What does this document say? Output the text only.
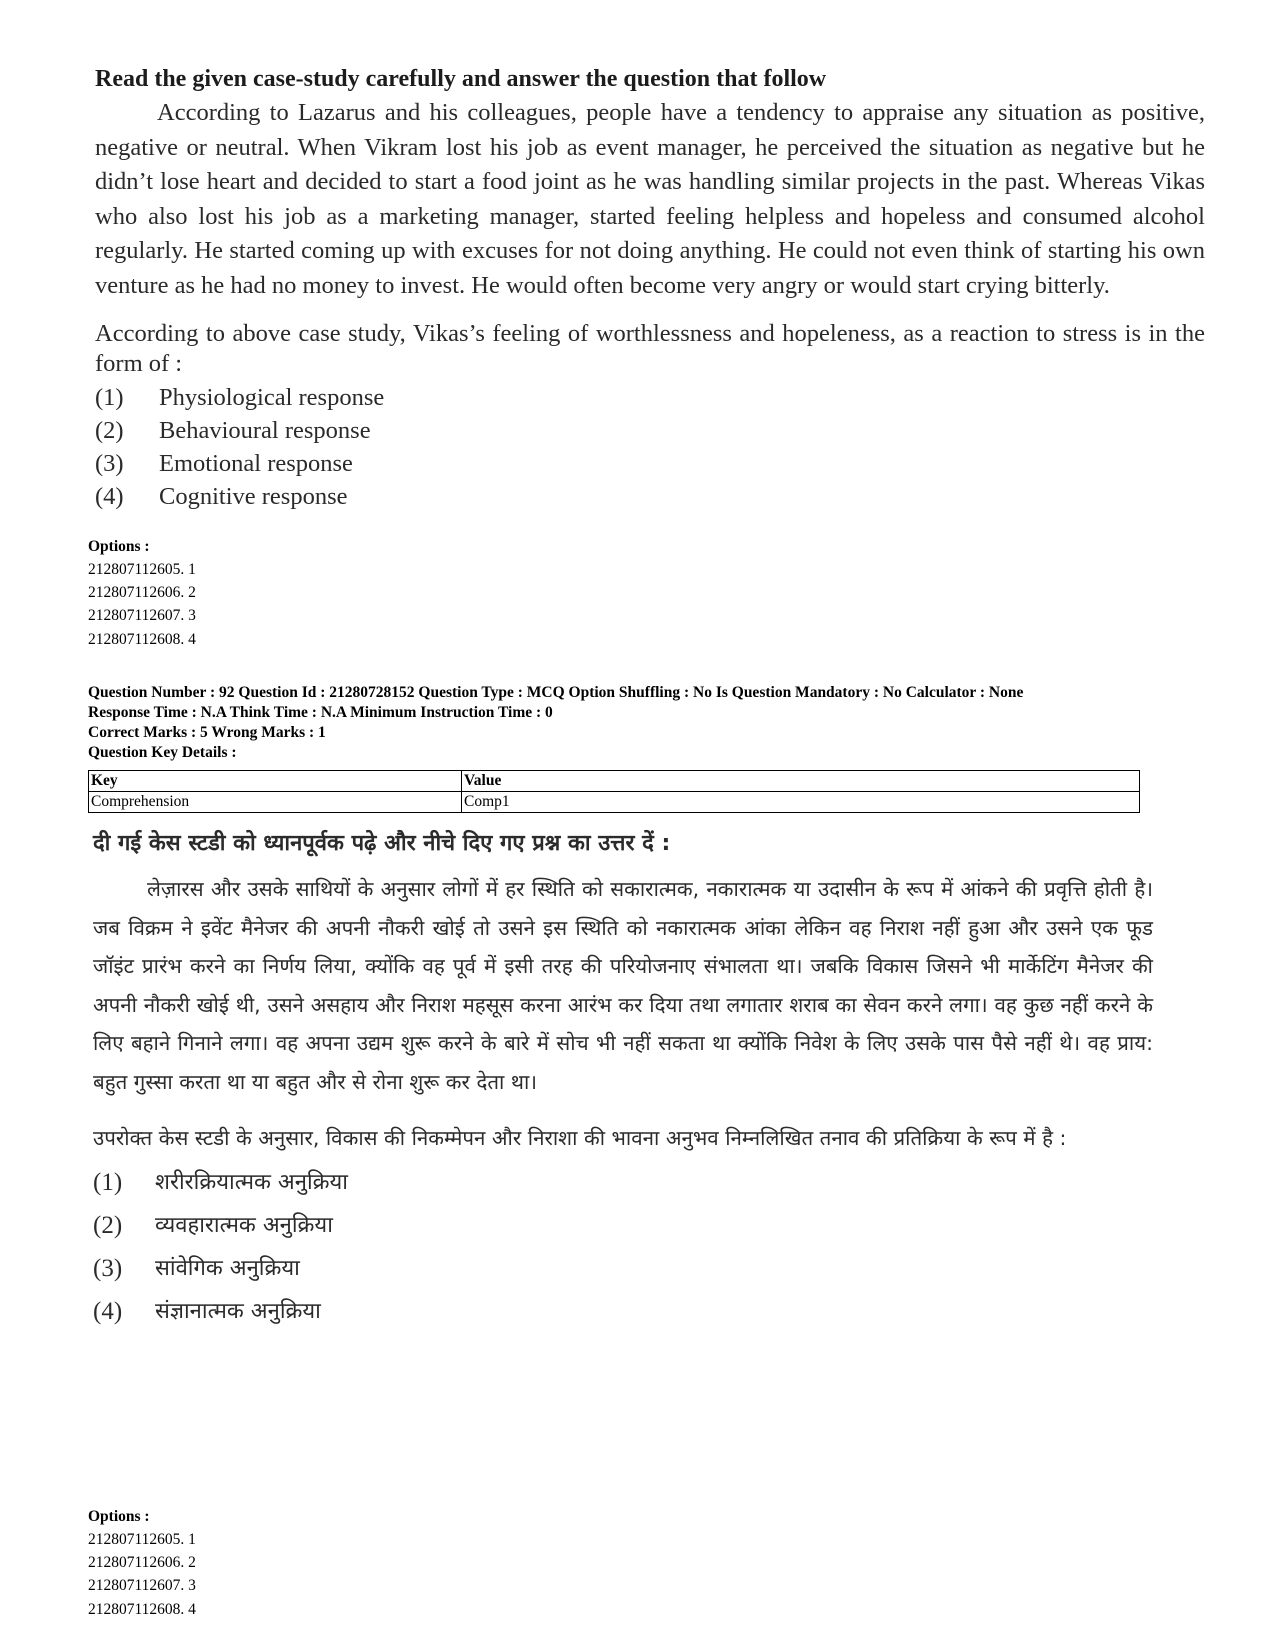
Read the given case-study carefully and answer the question that follow

According to Lazarus and his colleagues, people have a tendency to appraise any situation as positive, negative or neutral. When Vikram lost his job as event manager, he perceived the situation as negative but he didn’t lose heart and decided to start a food joint as he was handling similar projects in the past. Whereas Vikas who also lost his job as a marketing manager, started feeling helpless and hopeless and consumed alcohol regularly. He started coming up with excuses for not doing anything. He could not even think of starting his own venture as he had no money to invest. He would often become very angry or would start crying bitterly.

According to above case study, Vikas’s feeling of worthlessness and hopeleness, as a reaction to stress is in the form of :

(1)	Physiological response
(2)	Behavioural response
(3)	Emotional response
(4)	Cognitive response
Options :
212807112605. 1
212807112606. 2
212807112607. 3
212807112608. 4
Question Number : 92 Question Id : 21280728152 Question Type : MCQ Option Shuffling : No Is Question Mandatory : No Calculator : None
Response Time : N.A Think Time : N.A Minimum Instruction Time : 0
Correct Marks : 5 Wrong Marks : 1
Question Key Details :
Key	Value
Comprehension	Comp1

दी गई केस स्टडी को ध्यानपूर्वक पढ़े और नीचे दिए गए प्रश्न का उत्तर दें :

लेज़ारस और उसके साथियों के अनुसार लोगों में हर स्थिति को सकारात्मक, नकारात्मक या उदासीन के रूप में आंकने की प्रवृत्ति होती है। जब विक्रम ने इवेंट मैनेजर की अपनी नौकरी खोई तो उसने इस स्थिति को नकारात्मक आंका लेकिन वह निराश नहीं हुआ और उसने एक फूड जॉइंट प्रारंभ करने का निर्णय लिया, क्योंकि वह पूर्व में इसी तरह की परियोजनाए संभालता था। जबकि विकास जिसने भी मार्केटिंग मैनेजर की अपनी नौकरी खोई थी, उसने असहाय और निराश महसूस करना आरंभ कर दिया तथा लगातार शराब का सेवन करने लगा। वह कुछ नहीं करने के लिए बहाने गिनाने लगा। वह अपना उद्यम शुरू करने के बारे में सोच भी नहीं सकता था क्योंकि निवेश के लिए उसके पास पैसे नहीं थे। वह प्राय: बहुत गुस्सा करता था या बहुत और से रोना शुरू कर देता था।

उपरोक्त केस स्टडी के अनुसार, विकास की निकम्मेपन और निराशा की भावना अनुभव निम्नलिखित तनाव की प्रतिक्रिया के रूप में है :

(1)	शरीरक्रियात्मक अनुक्रिया
(2)	व्यवहारात्मक अनुक्रिया
(3)	सांवेगिक अनुक्रिया
(4)	संज्ञानात्मक अनुक्रिया
Options :
212807112605. 1
212807112606. 2
212807112607. 3
212807112608. 4
